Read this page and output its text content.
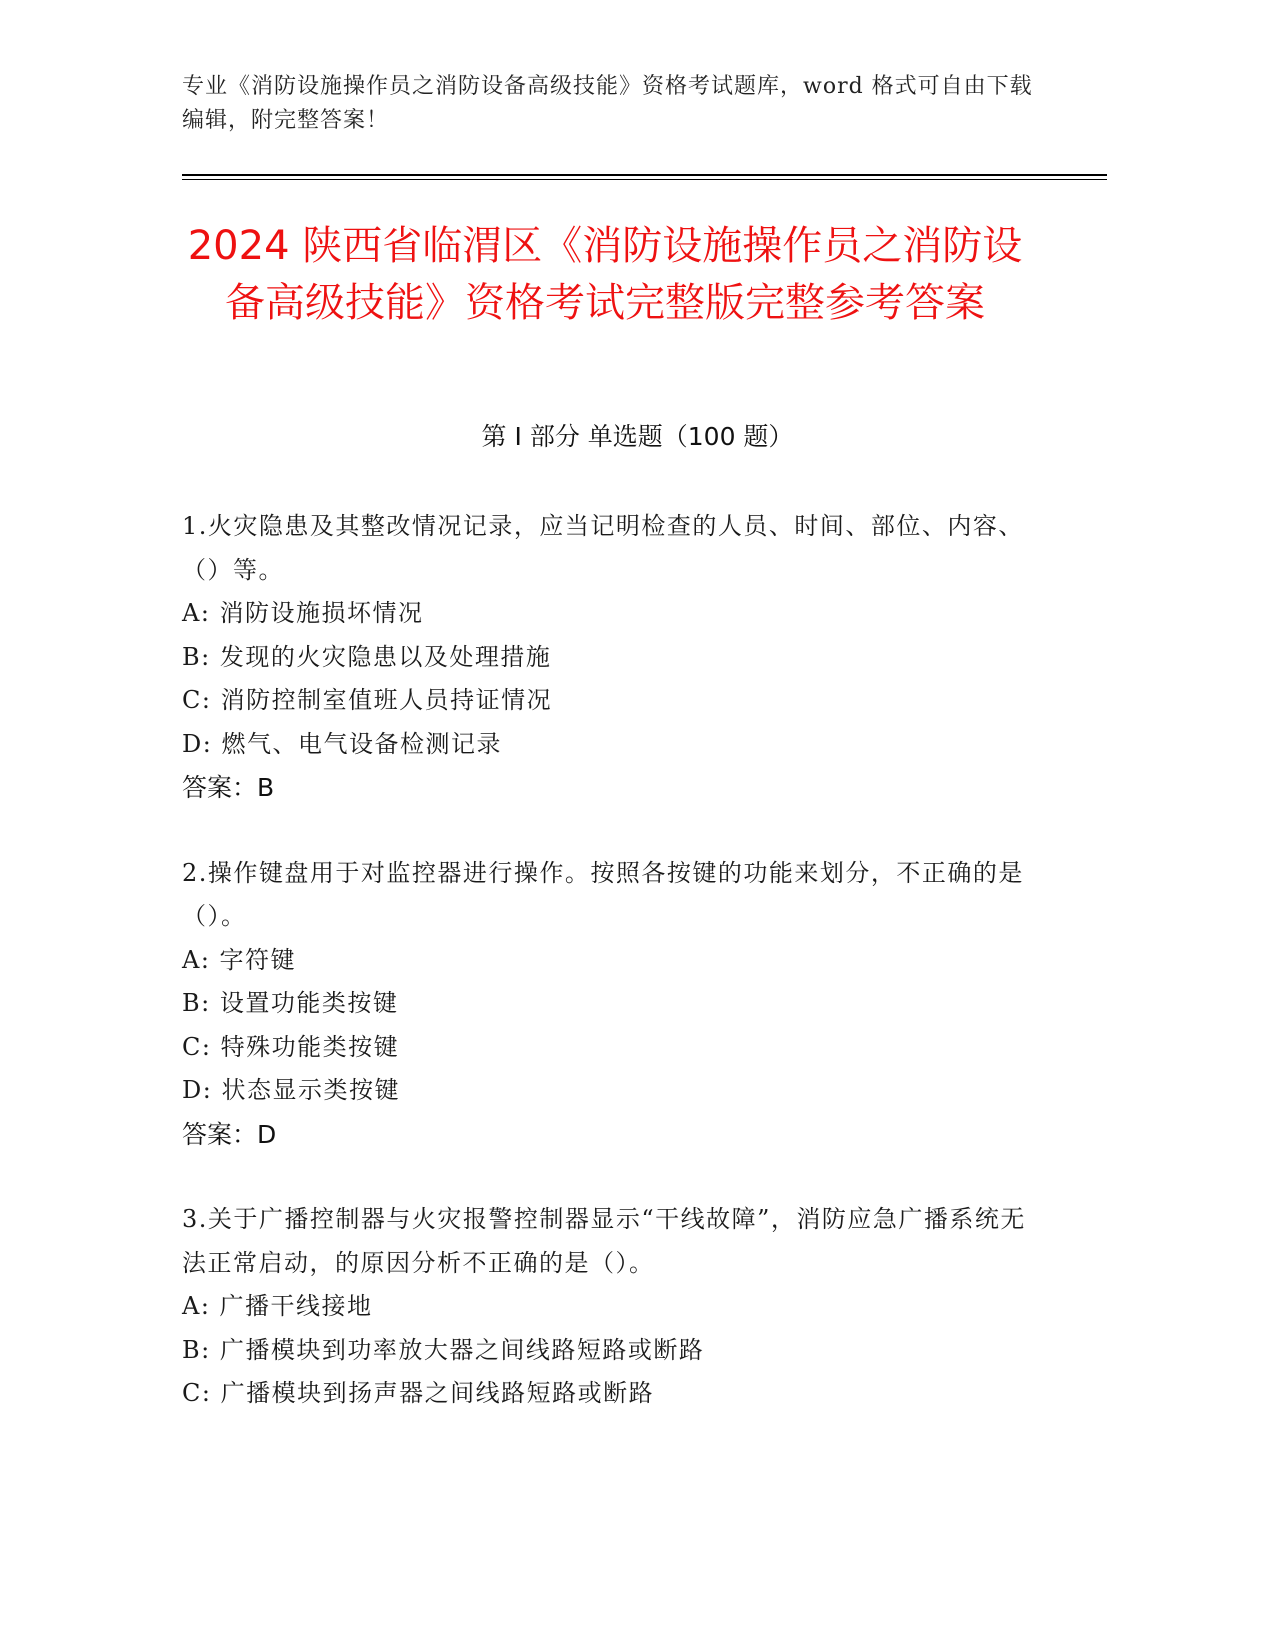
专业《消防设施操作员之消防设备高级技能》资格考试题库，word 格式可自由下载编辑，附完整答案！
2024 陕西省临渭区《消防设施操作员之消防设备高级技能》资格考试完整版完整参考答案
第 I 部分 单选题（100 题）
1.火灾隐患及其整改情况记录，应当记明检查的人员、时间、部位、内容、（）等。
A: 消防设施损坏情况
B: 发现的火灾隐患以及处理措施
C: 消防控制室值班人员持证情况
D: 燃气、电气设备检测记录
答案：B
2.操作键盘用于对监控器进行操作。按照各按键的功能来划分，不正确的是（）。
A: 字符键
B: 设置功能类按键
C: 特殊功能类按键
D: 状态显示类按键
答案：D
3.关于广播控制器与火灾报警控制器显示“干线故障”，消防应急广播系统无法正常启动，的原因分析不正确的是（）。
A: 广播干线接地
B: 广播模块到功率放大器之间线路短路或断路
C: 广播模块到扬声器之间线路短路或断路
